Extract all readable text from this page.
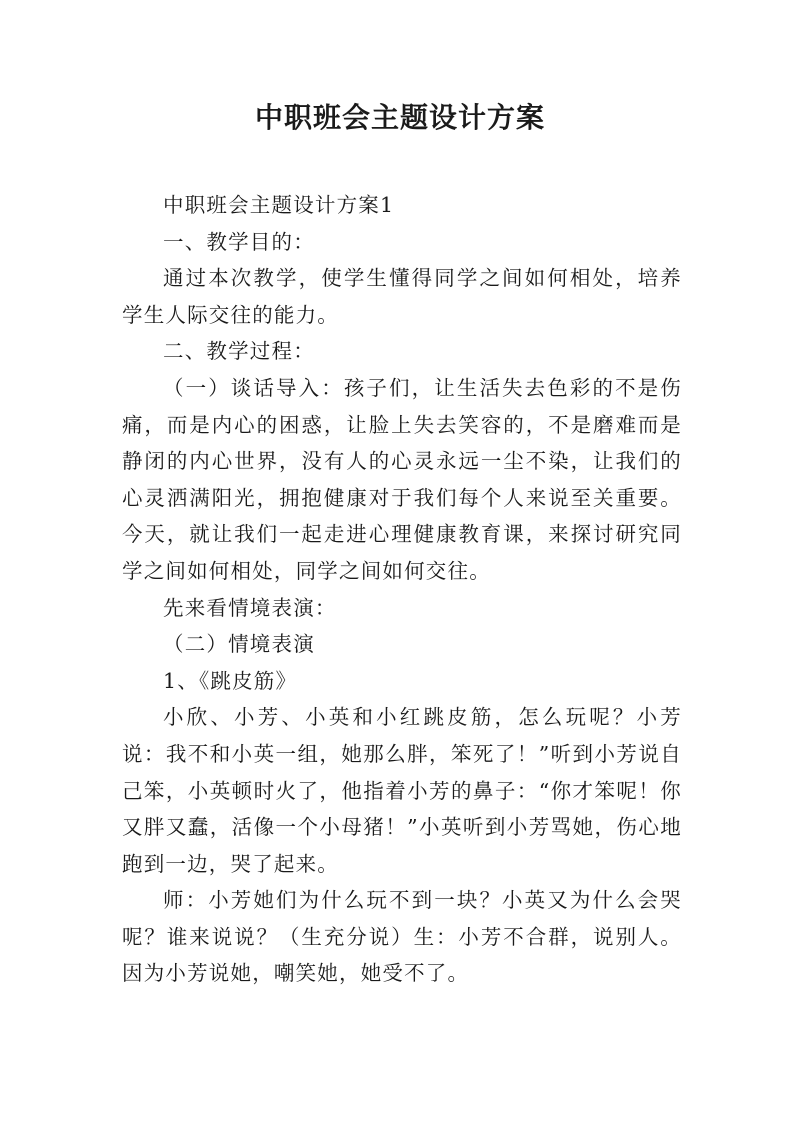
中职班会主题设计方案

中职班会主题设计方案1

一、教学目的：

通过本次教学，使学生懂得同学之间如何相处，培养学生人际交往的能力。

二、教学过程：

（一）谈话导入：孩子们，让生活失去色彩的不是伤痛，而是内心的困惑，让脸上失去笑容的，不是磨难而是静闭的内心世界，没有人的心灵永远一尘不染，让我们的心灵洒满阳光，拥抱健康对于我们每个人来说至关重要。今天，就让我们一起走进心理健康教育课，来探讨研究同学之间如何相处，同学之间如何交往。

先来看情境表演：

（二）情境表演

1、《跳皮筋》

小欣、小芳、小英和小红跳皮筋，怎么玩呢？小芳说：我不和小英一组，她那么胖，笨死了！”听到小芳说自己笨，小英顿时火了，他指着小芳的鼻子：“你才笨呢！你又胖又蠢，活像一个小母猪！”小英听到小芳骂她，伤心地跑到一边，哭了起来。

师：小芳她们为什么玩不到一块？小英又为什么会哭呢？谁来说说？（生充分说）生：小芳不合群，说别人。因为小芳说她，嘲笑她，她受不了。
